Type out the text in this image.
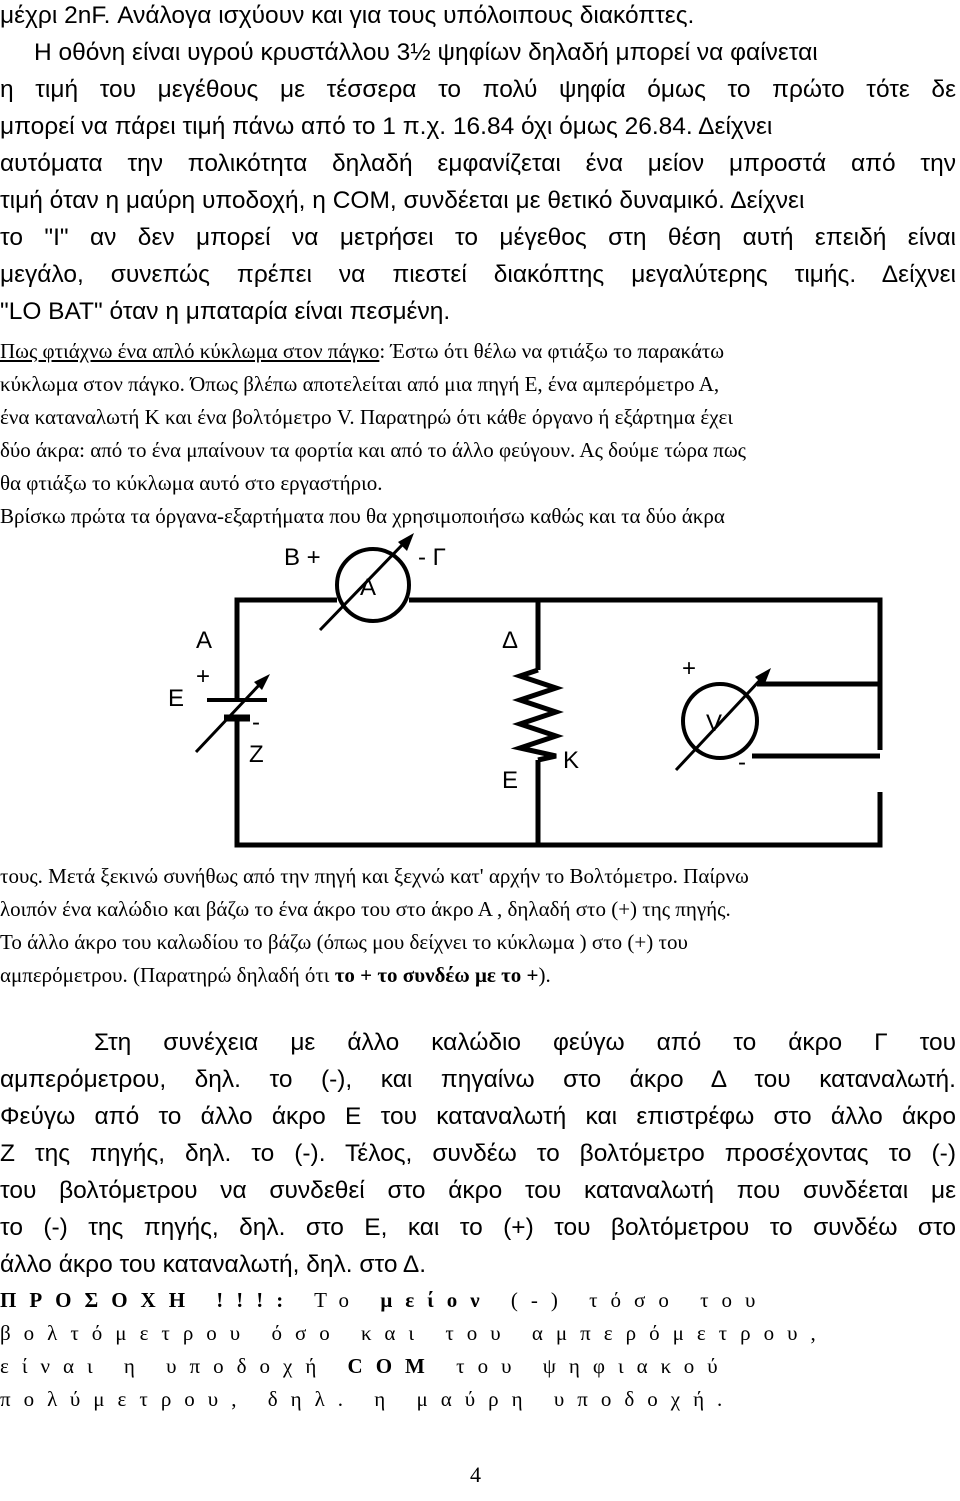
μέχρι 2nF. Ανάλογα ισχύουν και για τους υπόλοιπους διακόπτες.
Η οθόνη είναι υγρού κρυστάλλου 3½ ψηφίων δηλαδή μπορεί να φαίνεται
η τιμή του μεγέθους με τέσσερα το πολύ ψηφία όμως το πρώτο τότε δε
μπορεί να πάρει τιμή πάνω από το 1 π.χ. 16.84 όχι όμως 26.84. Δείχνει
αυτόματα την πολικότητα δηλαδή εμφανίζεται ένα μείον μπροστά από την
τιμή όταν η μαύρη υποδοχή, η COM, συνδέεται με θετικό δυναμικό. Δείχνει
το "I" αν δεν μπορεί να μετρήσει το μέγεθος στη θέση αυτή επειδή είναι
μεγάλο, συνεπώς πρέπει να πιεστεί διακόπτης μεγαλύτερης τιμής. Δείχνει
"LO BAT" όταν η μπαταρία είναι πεσμένη.
Πως φτιάχνω ένα απλό κύκλωμα στον πάγκο: Έστω ότι θέλω να φτιάξω το παρακάτω
κύκλωμα στον πάγκο. Όπως βλέπω αποτελείται από μια πηγή Ε, ένα αμπερόμετρο Α,
ένα καταναλωτή Κ και ένα βολτόμετρο V. Παρατηρώ ότι κάθε όργανο ή εξάρτημα έχει
δύο άκρα: από το ένα μπαίνουν τα φορτία και από το άλλο φεύγουν. Ας δούμε τώρα πως
θα φτιάξω το κύκλωμα αυτό στο εργαστήριο.
Βρίσκω πρώτα τα όργανα-εξαρτήματα που θα χρησιμοποιήσω καθώς και τα δύο άκρα
A
B +	- Γ
A
+
E
-
Z
Δ
E
K
V
+
-
τους. Μετά ξεκινώ συνήθως από την πηγή και ξεχνώ κατ' αρχήν το Βολτόμετρο. Παίρνω
λοιπόν ένα καλώδιο και βάζω το ένα άκρο του στο άκρο Α , δηλαδή στο (+) της πηγής.
Το άλλο άκρο του καλωδίου το βάζω (όπως μου δείχνει το κύκλωμα ) στο (+) του
αμπερόμετρου. (Παρατηρώ δηλαδή ότι το + το συνδέω με το +).
Στη συνέχεια με άλλο καλώδιο φεύγω από το άκρο Γ του
αμπερόμετρου, δηλ. το (-), και πηγαίνω στο άκρο Δ του καταναλωτή.
Φεύγω από το άλλο άκρο Ε του καταναλωτή και επιστρέφω στο άλλο άκρο
Ζ της πηγής, δηλ. το (-). Τέλος, συνδέω το βολτόμετρο προσέχοντας το (-)
του βολτόμετρου να συνδεθεί στο άκρο του καταναλωτή που συνδέεται με
το (-) της πηγής, δηλ. στο Ε, και το (+) του βολτόμετρου το συνδέω στο
άλλο άκρο του καταναλωτή, δηλ. στο Δ.
ΠΡΟΣΟΧΗ !!!: Το μείον (-) τόσο του
βολτόμετρου όσο και του αμπερόμετρου,
είναι η υποδοχή COM του ψηφιακού
πολύμετρου, δηλ. η μαύρη υποδοχή.
4
